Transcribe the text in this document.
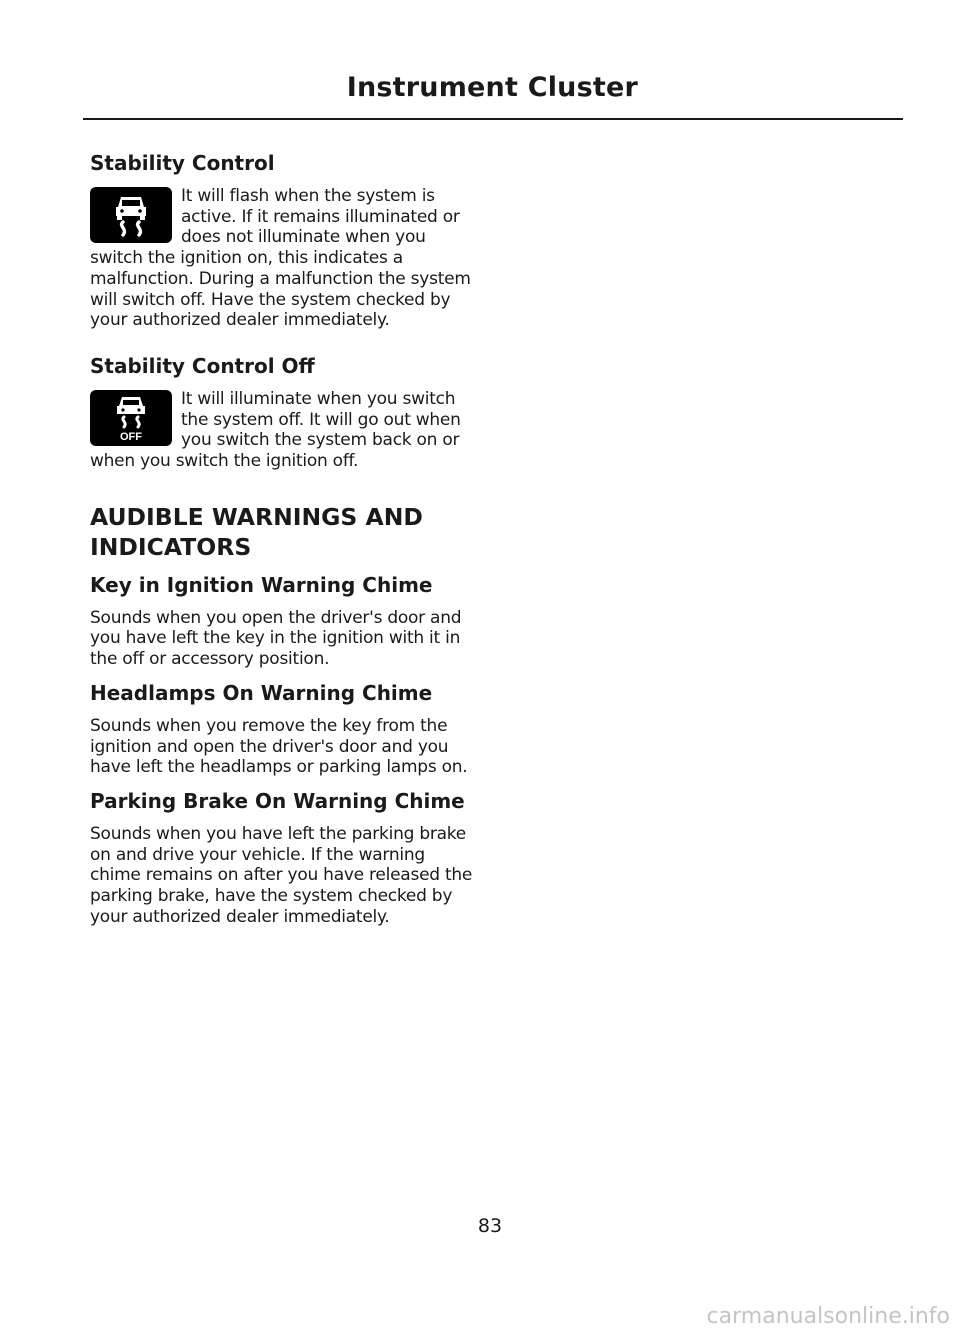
Instrument Cluster
Stability Control

It will flash when the system is active. If it remains illuminated or does not illuminate when you switch the ignition on, this indicates a malfunction. During a malfunction the system will switch off. Have the system checked by your authorized dealer immediately.

Stability Control Off
OFF

It will illuminate when you switch the system off. It will go out when you switch the system back on or when you switch the ignition off.

AUDIBLE WARNINGS AND
INDICATORS
Key in Ignition Warning Chime

Sounds when you open the driver's door and you have left the key in the ignition with it in the off or accessory position.

Headlamps On Warning Chime

Sounds when you remove the key from the ignition and open the driver's door and you have left the headlamps or parking lamps on.

Parking Brake On Warning Chime

Sounds when you have left the parking brake on and drive your vehicle. If the warning chime remains on after you have released the parking brake, have the system checked by your authorized dealer immediately.

83
carmanualsonline.info
